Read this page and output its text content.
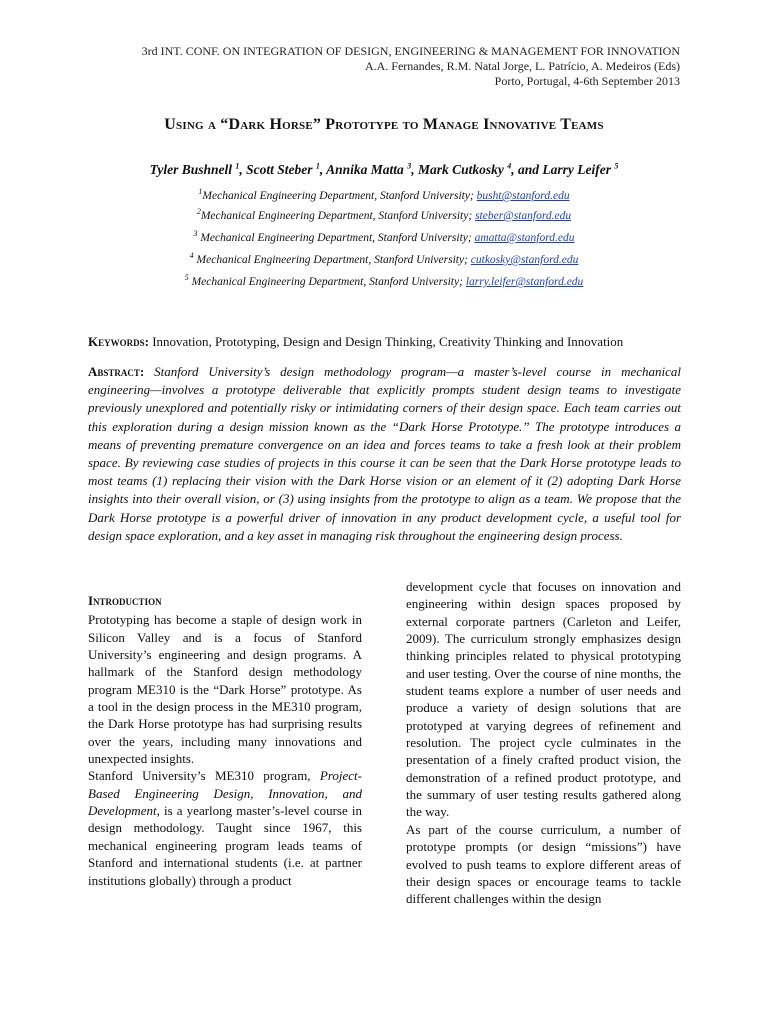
3rd INT. CONF. ON INTEGRATION OF DESIGN, ENGINEERING & MANAGEMENT FOR INNOVATION
A.A. Fernandes, R.M. Natal Jorge, L. Patrício, A. Medeiros (Eds)
Porto, Portugal, 4-6th September 2013
Using a “Dark Horse” Prototype to Manage Innovative Teams
Tyler Bushnell $^1$, Scott Steber $^1$, Annika Matta $^3$, Mark Cutkosky $^4$, and Larry Leifer $^5$
$^1$Mechanical Engineering Department, Stanford University; busht@stanford.edu
$^2$Mechanical Engineering Department, Stanford University; steber@stanford.edu
$^3$ Mechanical Engineering Department, Stanford University; amatta@stanford.edu
$^4$ Mechanical Engineering Department, Stanford University; cutkosky@stanford.edu
$^5$ Mechanical Engineering Department, Stanford University; larry.leifer@stanford.edu
Keywords: Innovation, Prototyping, Design and Design Thinking, Creativity Thinking and Innovation
Abstract: Stanford University’s design methodology program—a master’s-level course in mechanical engineering—involves a prototype deliverable that explicitly prompts student design teams to investigate previously unexplored and potentially risky or intimidating corners of their design space. Each team carries out this exploration during a design mission known as the “Dark Horse Prototype.” The prototype introduces a means of preventing premature convergence on an idea and forces teams to take a fresh look at their problem space. By reviewing case studies of projects in this course it can be seen that the Dark Horse prototype leads to most teams (1) replacing their vision with the Dark Horse vision or an element of it (2) adopting Dark Horse insights into their overall vision, or (3) using insights from the prototype to align as a team. We propose that the Dark Horse prototype is a powerful driver of innovation in any product development cycle, a useful tool for design space exploration, and a key asset in managing risk throughout the engineering design process.
Introduction

Prototyping has become a staple of design work in Silicon Valley and is a focus of Stanford University’s engineering and design programs. A hallmark of the Stanford design methodology program ME310 is the “Dark Horse” prototype. As a tool in the design process in the ME310 program, the Dark Horse prototype has had surprising results over the years, including many innovations and unexpected insights.

Stanford University’s ME310 program, Project-Based Engineering Design, Innovation, and Development, is a yearlong master’s-level course in design methodology. Taught since 1967, this mechanical engineering program leads teams of Stanford and international students (i.e. at partner institutions globally) through a product

development cycle that focuses on innovation and engineering within design spaces proposed by external corporate partners (Carleton and Leifer, 2009). The curriculum strongly emphasizes design thinking principles related to physical prototyping and user testing. Over the course of nine months, the student teams explore a number of user needs and produce a variety of design solutions that are prototyped at varying degrees of refinement and resolution. The project cycle culminates in the presentation of a finely crafted product vision, the demonstration of a refined product prototype, and the summary of user testing results gathered along the way.

As part of the course curriculum, a number of prototype prompts (or design “missions”) have evolved to push teams to explore different areas of their design spaces or encourage teams to tackle different challenges within the design
